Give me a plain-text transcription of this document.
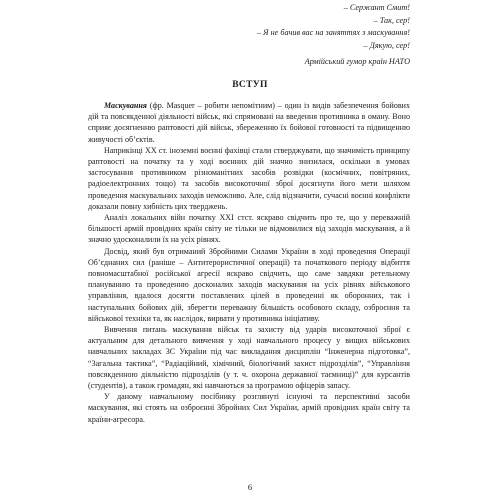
– Сержант Смит!
– Так, сер!
– Я не бачив вас на заняттях з маскування!
– Дякую, сер!
Армійський гумор країн НАТО
ВСТУП

Маскування (фр. Masquer – робити непомітним) – один із видів забезпечення бойових дій та повсякденної діяльності військ, які спрямовані на введення противника в оману. Воно сприяє досягненню раптовості дій військ, збереженню їх бойової готовності та підвищенню живучості об’єктів.

Наприкінці XX ст. іноземні воєнні фахівці стали стверджувати, що значимість принципу раптовості на початку та у ході воєнних дій значно знизилася, оскільки в умовах застосування противником різноманітних засобів розвідки (космічних, повітряних, радіоелектронних тощо) та засобів високоточної зброї досягнути його мети шляхом проведення маскувальних заходів неможливо. Але, слід відзначити, сучасні воєнні конфлікти доказали повну хибність цих тверджень.

Аналіз локальних війн початку XXI стст. яскраво свідчить про те, що у переважній більшості армій провідних країн світу не тільки не відмовилися від заходів маскування, а й значно удосконалили їх на усіх рівнях.

Досвід, який був отриманий Збройними Силами України в ході проведення Операції Об’єднаних сил (раніше – Антитерористичної операції) та початкового періоду відбиття повномасштабної російської агресії яскраво свідчить, що саме завдяки ретельному плануванню та проведенню досконалих заходів маскування на усіх рівнях військового управління, вдалося досягти поставлених цілей в проведенні як оборонних, так і наступальних бойових дій, зберегти переважну більшість особового складу, озброєння та військової техніки та, як наслідок, вирвати у противника ініціативу.

Вивчення питань маскування військ та захисту від ударів високоточної зброї є актуальним для детального вивчення у ході навчального процесу у вищих військових навчальних закладах ЗС України під час викладання дисциплін “Інженерна підготовка”, “Загальна тактика”, “Радіаційний, хімічний, біологічний захист підрозділів”, “Управління повсякденною діяльністю підрозділів (у т. ч. охорона державної таємниці)” для курсантів (студентів), а також громадян, які навчаються за програмою офіцерів запасу.

У даному навчальному посібнику розглянуті існуючі та перспективні засоби маскування, які стоять на озброєнні Збройних Сил України, армій провідних країн світу та країни-агресора.

6
